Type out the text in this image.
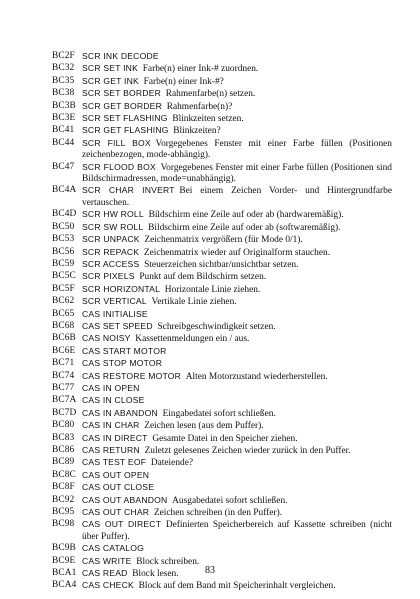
BC2F SCR INK DECODE
BC32 SCR SET INK  Farbe(n) einer Ink-# zuordnen.
BC35 SCR GET INK  Farbe(n) einer Ink-#?
BC38 SCR SET BORDER  Rahmenfarbe(n) setzen.
BC3B SCR GET BORDER  Rahmenfarbe(n)?
BC3E SCR SET FLASHING  Blinkzeiten setzen.
BC41 SCR GET FLASHING  Blinkzeiten?
BC44 SCR FILL BOX  Vorgegebenes Fenster mit einer Farbe füllen (Positionen zeichenbezogen, mode-abhängig).
BC47 SCR FLOOD BOX  Vorgegebenes Fenster mit einer Farbe füllen (Positionen sind Bildschirmadressen, mode=unabhängig).
BC4A SCR CHAR INVERT  Bei einem Zeichen Vorder- und Hintergrundfarbe vertauschen.
BC4D SCR HW ROLL  Bildschirm eine Zeile auf oder ab (hardwaremäßig).
BC50 SCR SW ROLL  Bildschirm eine Zeile auf oder ab (softwaremäßig).
BC53 SCR UNPACK  Zeichenmatrix vergrößern (für Mode 0/1).
BC56 SCR REPACK  Zeichenmatrix wieder auf Originalform stauchen.
BC59 SCR ACCESS  Steuerzeichen sichtbar/unsichtbar setzen.
BC5C SCR PIXELS  Punkt auf dem Bildschirm setzen.
BC5F SCR HORIZONTAL  Horizontale Linie ziehen.
BC62 SCR VERTICAL  Vertikale Linie ziehen.
BC65 CAS INITIALISE
BC68 CAS SET SPEED  Schreibgeschwindigkeit setzen.
BC6B CAS NOISY  Kassettenmeldungen ein / aus.
BC6E CAS START MOTOR
BC71 CAS STOP MOTOR
BC74 CAS RESTORE MOTOR  Alten Motorzustand wiederherstellen.
BC77 CAS IN OPEN
BC7A CAS IN CLOSE
BC7D CAS IN ABANDON  Eingabedatei sofort schließen.
BC80 CAS IN CHAR  Zeichen lesen (aus dem Puffer).
BC83 CAS IN DIRECT  Gesamte Datei in den Speicher ziehen.
BC86 CAS RETURN  Zuletzt gelesenes Zeichen wieder zurück in den Puffer.
BC89 CAS TEST EOF  Dateiende?
BC8C CAS OUT OPEN
BC8F CAS OUT CLOSE
BC92 CAS OUT ABANDON  Ausgabedatei sofort schließen.
BC95 CAS OUT CHAR  Zeichen schreiben (in den Puffer).
BC98 CAS OUT DIRECT  Definierten Speicherbereich auf Kassette schreiben (nicht über Puffer).
BC9B CAS CATALOG
BC9E CAS WRITE  Block schreiben.
BCA1 CAS READ  Block lesen.
BCA4 CAS CHECK  Block auf dem Band mit Speicherinhalt vergleichen.
83
